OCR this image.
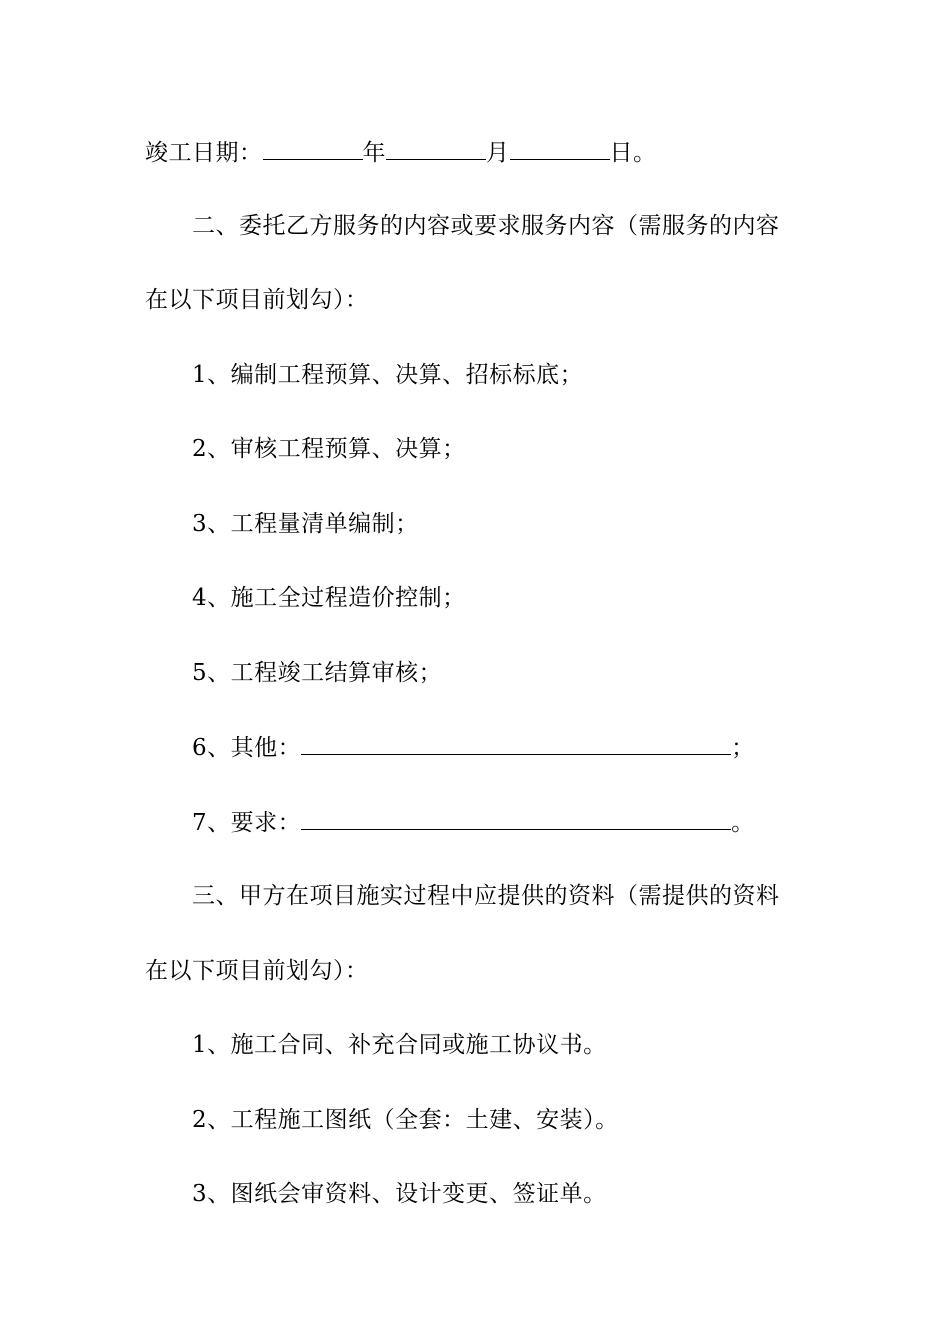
竣工日期：	年	月	日。
二、委托乙方服务的内容或要求服务内容（需服务的内容
在以下项目前划勾）：
1、编制工程预算、决算、招标标底；
2、审核工程预算、决算；
3、工程量清单编制；
4、施工全过程造价控制；
5、工程竣工结算审核；
6、其他：	；
7、要求：	。
三、甲方在项目施实过程中应提供的资料（需提供的资料
在以下项目前划勾）：
1、施工合同、补充合同或施工协议书。
2、工程施工图纸（全套：土建、安装）。
3、图纸会审资料、设计变更、签证单。
